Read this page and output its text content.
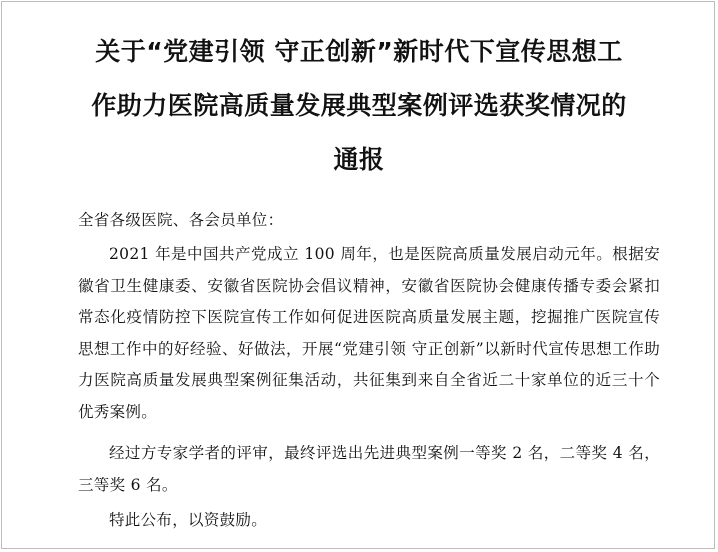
关于“党建引领 守正创新”新时代下宣传思想工
作助力医院高质量发展典型案例评选获奖情况的
通报

全省各级医院、各会员单位：

2021 年是中国共产党成立 100 周年，也是医院高质量发展启动元年。根据安徽省卫生健康委、安徽省医院协会倡议精神，安徽省医院协会健康传播专委会紧扣常态化疫情防控下医院宣传工作如何促进医院高质量发展主题，挖掘推广医院宣传思想工作中的好经验、好做法，开展“党建引领 守正创新”以新时代宣传思想工作助力医院高质量发展典型案例征集活动，共征集到来自全省近二十家单位的近三十个优秀案例。

经过方专家学者的评审，最终评选出先进典型案例一等奖 2 名，二等奖 4 名，三等奖 6 名。

特此公布，以资鼓励。
